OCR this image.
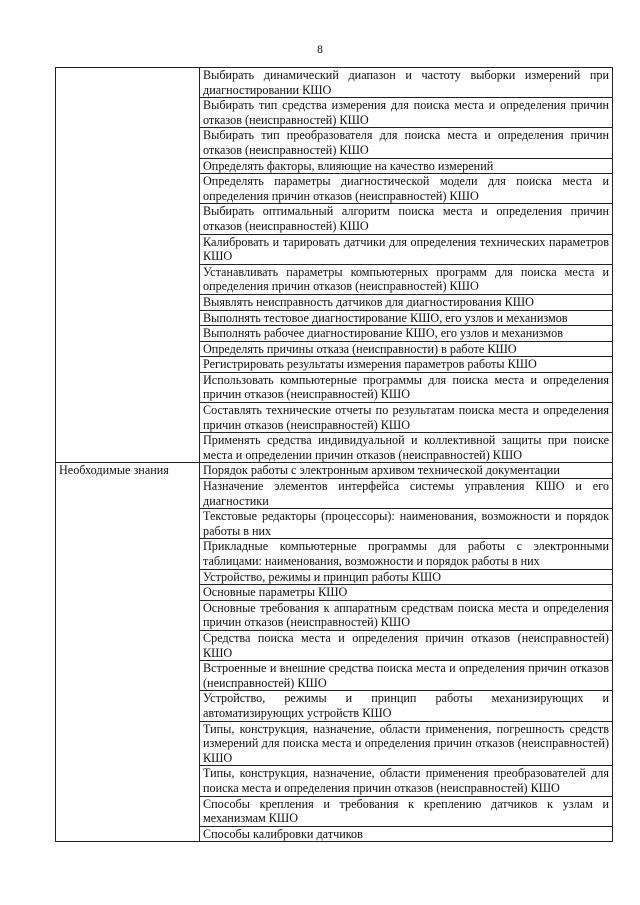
8
	Выбирать динамический диапазон и частоту выборки измерений при диагностировании КШО
	Выбирать тип средства измерения для поиска места и определения причин отказов (неисправностей) КШО
	Выбирать тип преобразователя для поиска места и определения причин отказов (неисправностей) КШО
	Определять факторы, влияющие на качество измерений
	Определять параметры диагностической модели для поиска места и определения причин отказов (неисправностей) КШО
	Выбирать оптимальный алгоритм поиска места и определения причин отказов (неисправностей) КШО
	Калибровать и тарировать датчики для определения технических параметров КШО
	Устанавливать параметры компьютерных программ для поиска места и определения причин отказов (неисправностей) КШО
	Выявлять неисправность датчиков для диагностирования КШО
	Выполнять тестовое диагностирование КШО, его узлов и механизмов
	Выполнять рабочее диагностирование КШО, его узлов и механизмов
	Определять причины отказа (неисправности) в работе КШО
	Регистрировать результаты измерения параметров работы КШО
	Использовать компьютерные программы для поиска места и определения причин отказов (неисправностей) КШО
	Составлять технические отчеты по результатам поиска места и определения причин отказов (неисправностей) КШО
	Применять средства индивидуальной и коллективной защиты при поиске места и определении причин отказов (неисправностей) КШО
Необходимые знания	Порядок работы с электронным архивом технической документации
	Назначение элементов интерфейса системы управления КШО и его диагностики
	Текстовые редакторы (процессоры): наименования, возможности и порядок работы в них
	Прикладные компьютерные программы для работы с электронными таблицами: наименования, возможности и порядок работы в них
	Устройство, режимы и принцип работы КШО
	Основные параметры КШО
	Основные требования к аппаратным средствам поиска места и определения причин отказов (неисправностей) КШО
	Средства поиска места и определения причин отказов (неисправностей) КШО
	Встроенные и внешние средства поиска места и определения причин отказов (неисправностей) КШО
	Устройство, режимы и принцип работы механизирующих и автоматизирующих устройств КШО
	Типы, конструкция, назначение, области применения, погрешность средств измерений для поиска места и определения причин отказов (неисправностей) КШО
	Типы, конструкция, назначение, области применения преобразователей для поиска места и определения причин отказов (неисправностей) КШО
	Способы крепления и требования к креплению датчиков к узлам и механизмам КШО
	Способы калибровки датчиков
